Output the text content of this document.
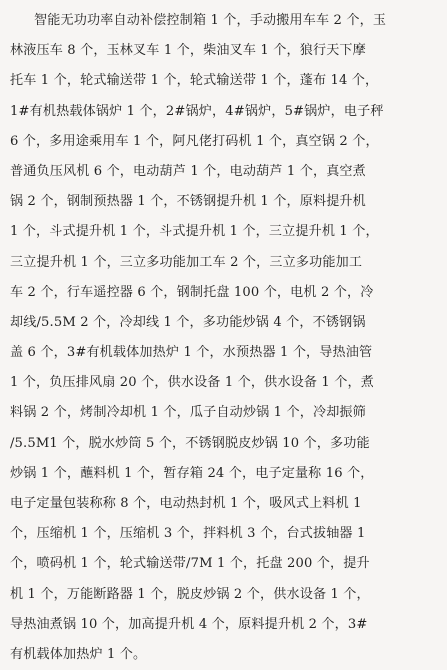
智能无功功率自动补偿控制箱 1 个，手动搬用车车 2 个，玉
林液压车 8 个，玉林叉车 1 个，柴油叉车 1 个，狼行天下摩
托车 1 个，轮式输送带 1 个，轮式输送带 1 个，蓬布 14 个，
1#有机热载体锅炉 1 个，2#锅炉，4#锅炉，5#锅炉，电子秤
6 个，多用途乘用车 1 个，阿凡佬打码机 1 个，真空锅 2 个，
普通负压风机 6 个，电动葫芦 1 个，电动葫芦 1 个，真空煮
锅 2 个，钢制预热器 1 个，不锈钢提升机 1 个，原料提升机
1 个，斗式提升机 1 个，斗式提升机 1 个，三立提升机 1 个，
三立提升机 1 个，三立多功能加工车 2 个，三立多功能加工
车 2 个，行车遥控器 6 个，钢制托盘 100 个，电机 2 个，冷
却线/5.5M 2 个，冷却线 1 个，多功能炒锅 4 个，不锈钢锅
盖 6 个，3#有机载体加热炉 1 个，水预热器 1 个，导热油管
1 个，负压排风扇 20 个，供水设备 1 个，供水设备 1 个，煮
料锅 2 个，烤制冷却机 1 个，瓜子自动炒锅 1 个，冷却振筛
/5.5M1 个，脱水炒筒 5 个，不锈钢脱皮炒锅 10 个，多功能
炒锅 1 个，蘸料机 1 个，暂存箱 24 个，电子定量称 16 个，
电子定量包装称称 8 个，电动热封机 1 个，吸风式上料机 1
个，压缩机 1 个，压缩机 3 个，拌料机 3 个，台式拔轴器 1
个，喷码机 1 个，轮式输送带/7M 1 个，托盘 200 个，提升
机 1 个，万能断路器 1 个，脱皮炒锅 2 个，供水设备 1 个，
导热油煮锅 10 个，加高提升机 4 个，原料提升机 2 个，3#
有机载体加热炉 1 个。
